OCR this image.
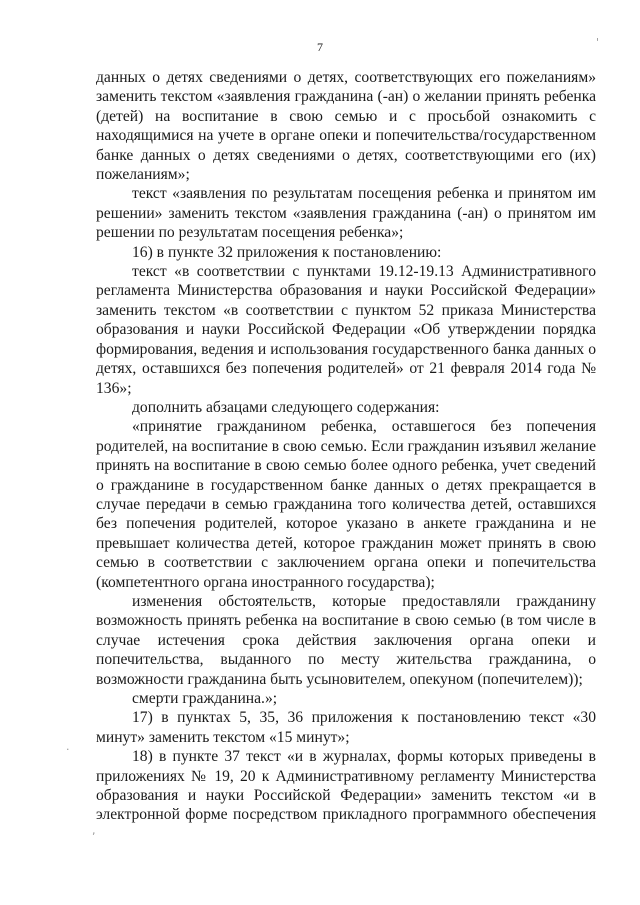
7

данных о детях сведениями о детях, соответствующих его пожеланиям» заменить текстом «заявления гражданина (-ан) о желании принять ребенка (детей) на воспитание в свою семью и с просьбой ознакомить с находящимися на учете в органе опеки и попечительства/государственном банке данных о детях сведениями о детях, соответствующими его (их) пожеланиям»;

текст «заявления по результатам посещения ребенка и принятом им решении» заменить текстом «заявления гражданина (-ан) о принятом им решении по результатам посещения ребенка»;

16) в пункте 32 приложения к постановлению:

текст «в соответствии с пунктами 19.12-19.13 Административного регламента Министерства образования и науки Российской Федерации» заменить текстом «в соответствии с пунктом 52 приказа Министерства образования и науки Российской Федерации «Об утверждении порядка формирования, ведения и использования государственного банка данных о детях, оставшихся без попечения родителей» от 21 февраля 2014 года № 136»;

дополнить абзацами следующего содержания:

«принятие гражданином ребенка, оставшегося без попечения родителей, на воспитание в свою семью. Если гражданин изъявил желание принять на воспитание в свою семью более одного ребенка, учет сведений о гражданине в государственном банке данных о детях прекращается в случае передачи в семью гражданина того количества детей, оставшихся без попечения родителей, которое указано в анкете гражданина и не превышает количества детей, которое гражданин может принять в свою семью в соответствии с заключением органа опеки и попечительства (компетентного органа иностранного государства);

изменения обстоятельств, которые предоставляли гражданину возможность принять ребенка на воспитание в свою семью (в том числе в случае истечения срока действия заключения органа опеки и попечительства, выданного по месту жительства гражданина, о возможности гражданина быть усыновителем, опекуном (попечителем));

смерти гражданина.»;

17) в пунктах 5, 35, 36 приложения к постановлению текст «30 минут» заменить текстом «15 минут»;

18) в пункте 37 текст «и в журналах, формы которых приведены в приложениях № 19, 20 к Административному регламенту Министерства образования и науки Российской Федерации» заменить текстом «и в электронной форме посредством прикладного программного обеспечения

'
.
,
